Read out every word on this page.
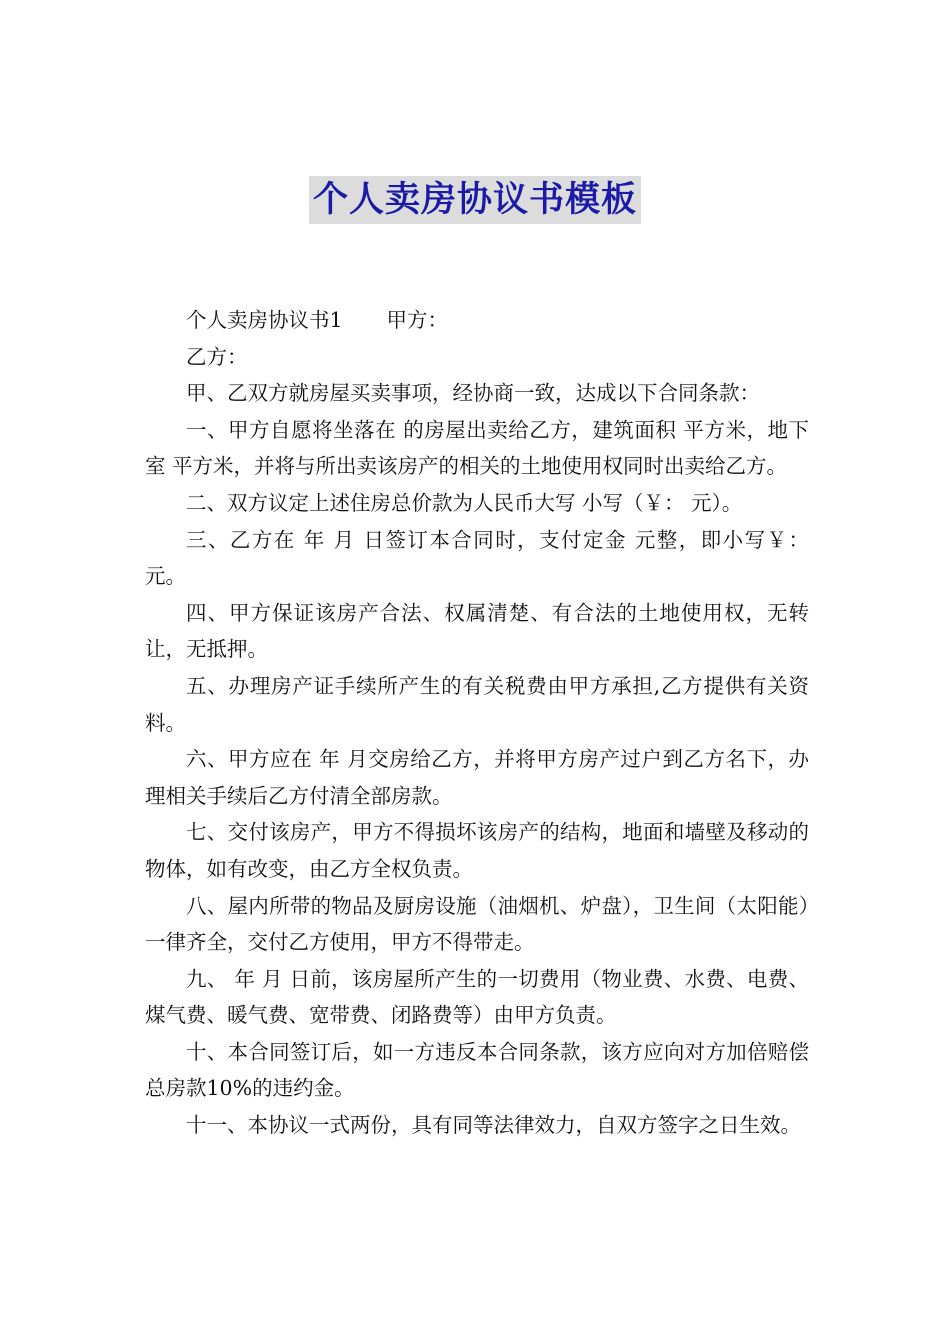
个人卖房协议书模板

个人卖房协议书1 甲方：

乙方：

甲、乙双方就房屋买卖事项，经协商一致，达成以下合同条款：

一、甲方自愿将坐落在 的房屋出卖给乙方，建筑面积 平方米，地下室 平方米，并将与所出卖该房产的相关的土地使用权同时出卖给乙方。

二、双方议定上述住房总价款为人民币大写 小写（￥： 元）。

三、乙方在 年 月 日签订本合同时，支付定金 元整，即小写￥： 元。

四、甲方保证该房产合法、权属清楚、有合法的土地使用权，无转让，无抵押。

五、办理房产证手续所产生的有关税费由甲方承担,乙方提供有关资料。

六、甲方应在 年 月交房给乙方，并将甲方房产过户到乙方名下，办理相关手续后乙方付清全部房款。

七、交付该房产，甲方不得损坏该房产的结构，地面和墙壁及移动的物体，如有改变，由乙方全权负责。

八、屋内所带的物品及厨房设施（油烟机、炉盘），卫生间（太阳能）一律齐全，交付乙方使用，甲方不得带走。

九、 年 月 日前，该房屋所产生的一切费用（物业费、水费、电费、煤气费、暖气费、宽带费、闭路费等）由甲方负责。

十、本合同签订后，如一方违反本合同条款，该方应向对方加倍赔偿总房款10%的违约金。

十一、本协议一式两份，具有同等法律效力，自双方签字之日生效。
